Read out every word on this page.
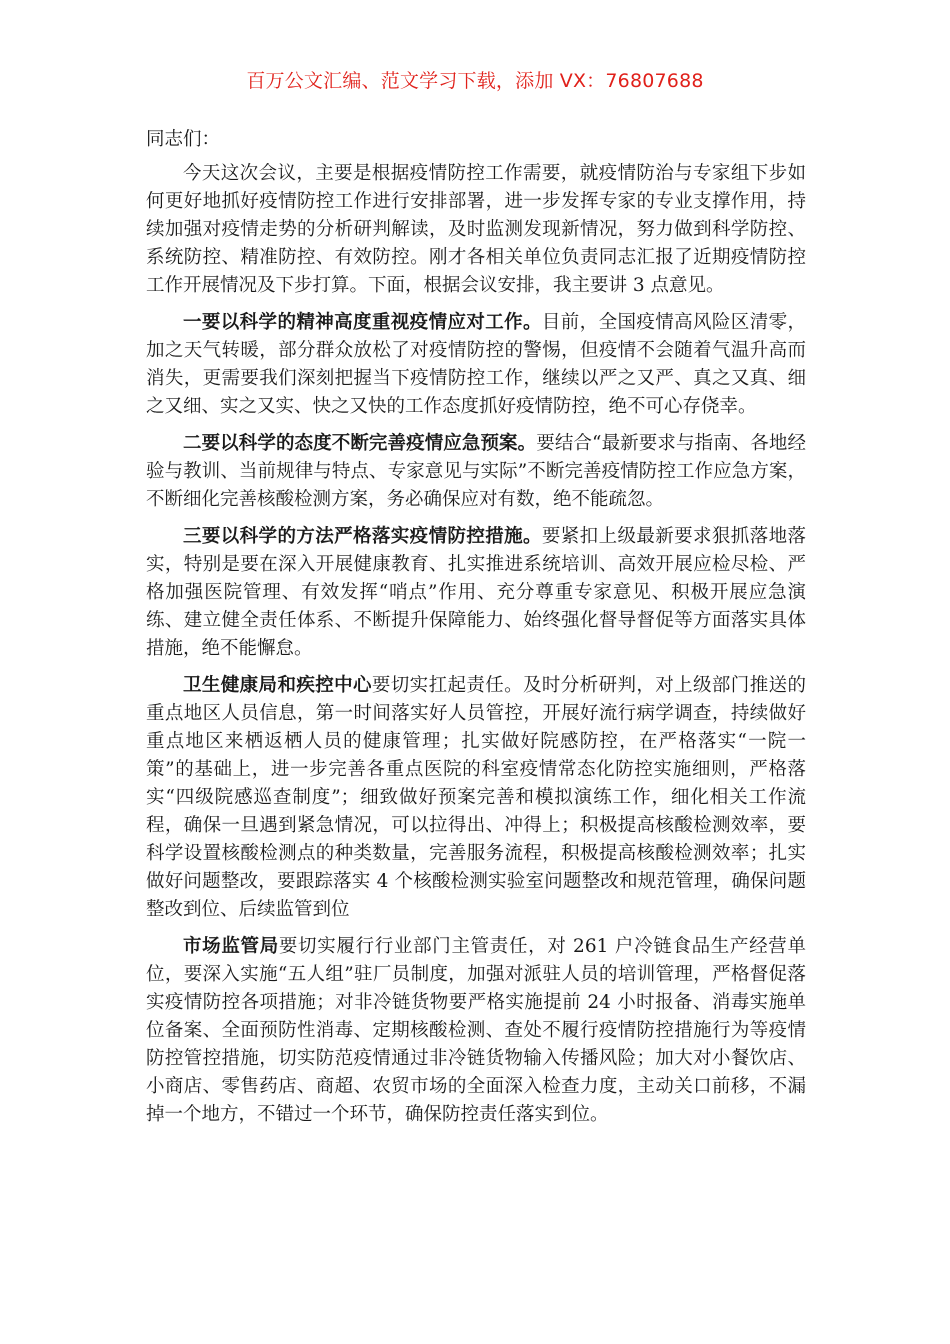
百万公文汇编、范文学习下载，添加 VX：76807688

同志们：

今天这次会议，主要是根据疫情防控工作需要，就疫情防治与专家组下步如何更好地抓好疫情防控工作进行安排部署，进一步发挥专家的专业支撑作用，持续加强对疫情走势的分析研判解读，及时监测发现新情况，努力做到科学防控、系统防控、精准防控、有效防控。刚才各相关单位负责同志汇报了近期疫情防控工作开展情况及下步打算。下面，根据会议安排，我主要讲 3 点意见。

一要以科学的精神高度重视疫情应对工作。目前，全国疫情高风险区清零，加之天气转暖，部分群众放松了对疫情防控的警惕，但疫情不会随着气温升高而消失，更需要我们深刻把握当下疫情防控工作，继续以严之又严、真之又真、细之又细、实之又实、快之又快的工作态度抓好疫情防控，绝不可心存侥幸。

二要以科学的态度不断完善疫情应急预案。要结合“最新要求与指南、各地经验与教训、当前规律与特点、专家意见与实际”不断完善疫情防控工作应急方案，不断细化完善核酸检测方案，务必确保应对有数，绝不能疏忽。

三要以科学的方法严格落实疫情防控措施。要紧扣上级最新要求狠抓落地落实，特别是要在深入开展健康教育、扎实推进系统培训、高效开展应检尽检、严格加强医院管理、有效发挥“哨点”作用、充分尊重专家意见、积极开展应急演练、建立健全责任体系、不断提升保障能力、始终强化督导督促等方面落实具体措施，绝不能懈怠。

卫生健康局和疾控中心要切实扛起责任。及时分析研判，对上级部门推送的重点地区人员信息，第一时间落实好人员管控，开展好流行病学调查，持续做好重点地区来栖返栖人员的健康管理；扎实做好院感防控，在严格落实“一院一策”的基础上，进一步完善各重点医院的科室疫情常态化防控实施细则，严格落实“四级院感巡查制度”；细致做好预案完善和模拟演练工作，细化相关工作流程，确保一旦遇到紧急情况，可以拉得出、冲得上；积极提高核酸检测效率，要科学设置核酸检测点的种类数量，完善服务流程，积极提高核酸检测效率；扎实做好问题整改，要跟踪落实 4 个核酸检测实验室问题整改和规范管理，确保问题整改到位、后续监管到位

市场监管局要切实履行行业部门主管责任，对 261 户冷链食品生产经营单位，要深入实施“五人组”驻厂员制度，加强对派驻人员的培训管理，严格督促落实疫情防控各项措施；对非冷链货物要严格实施提前 24 小时报备、消毒实施单位备案、全面预防性消毒、定期核酸检测、查处不履行疫情防控措施行为等疫情防控管控措施，切实防范疫情通过非冷链货物输入传播风险；加大对小餐饮店、小商店、零售药店、商超、农贸市场的全面深入检查力度，主动关口前移，不漏掉一个地方，不错过一个环节，确保防控责任落实到位。
